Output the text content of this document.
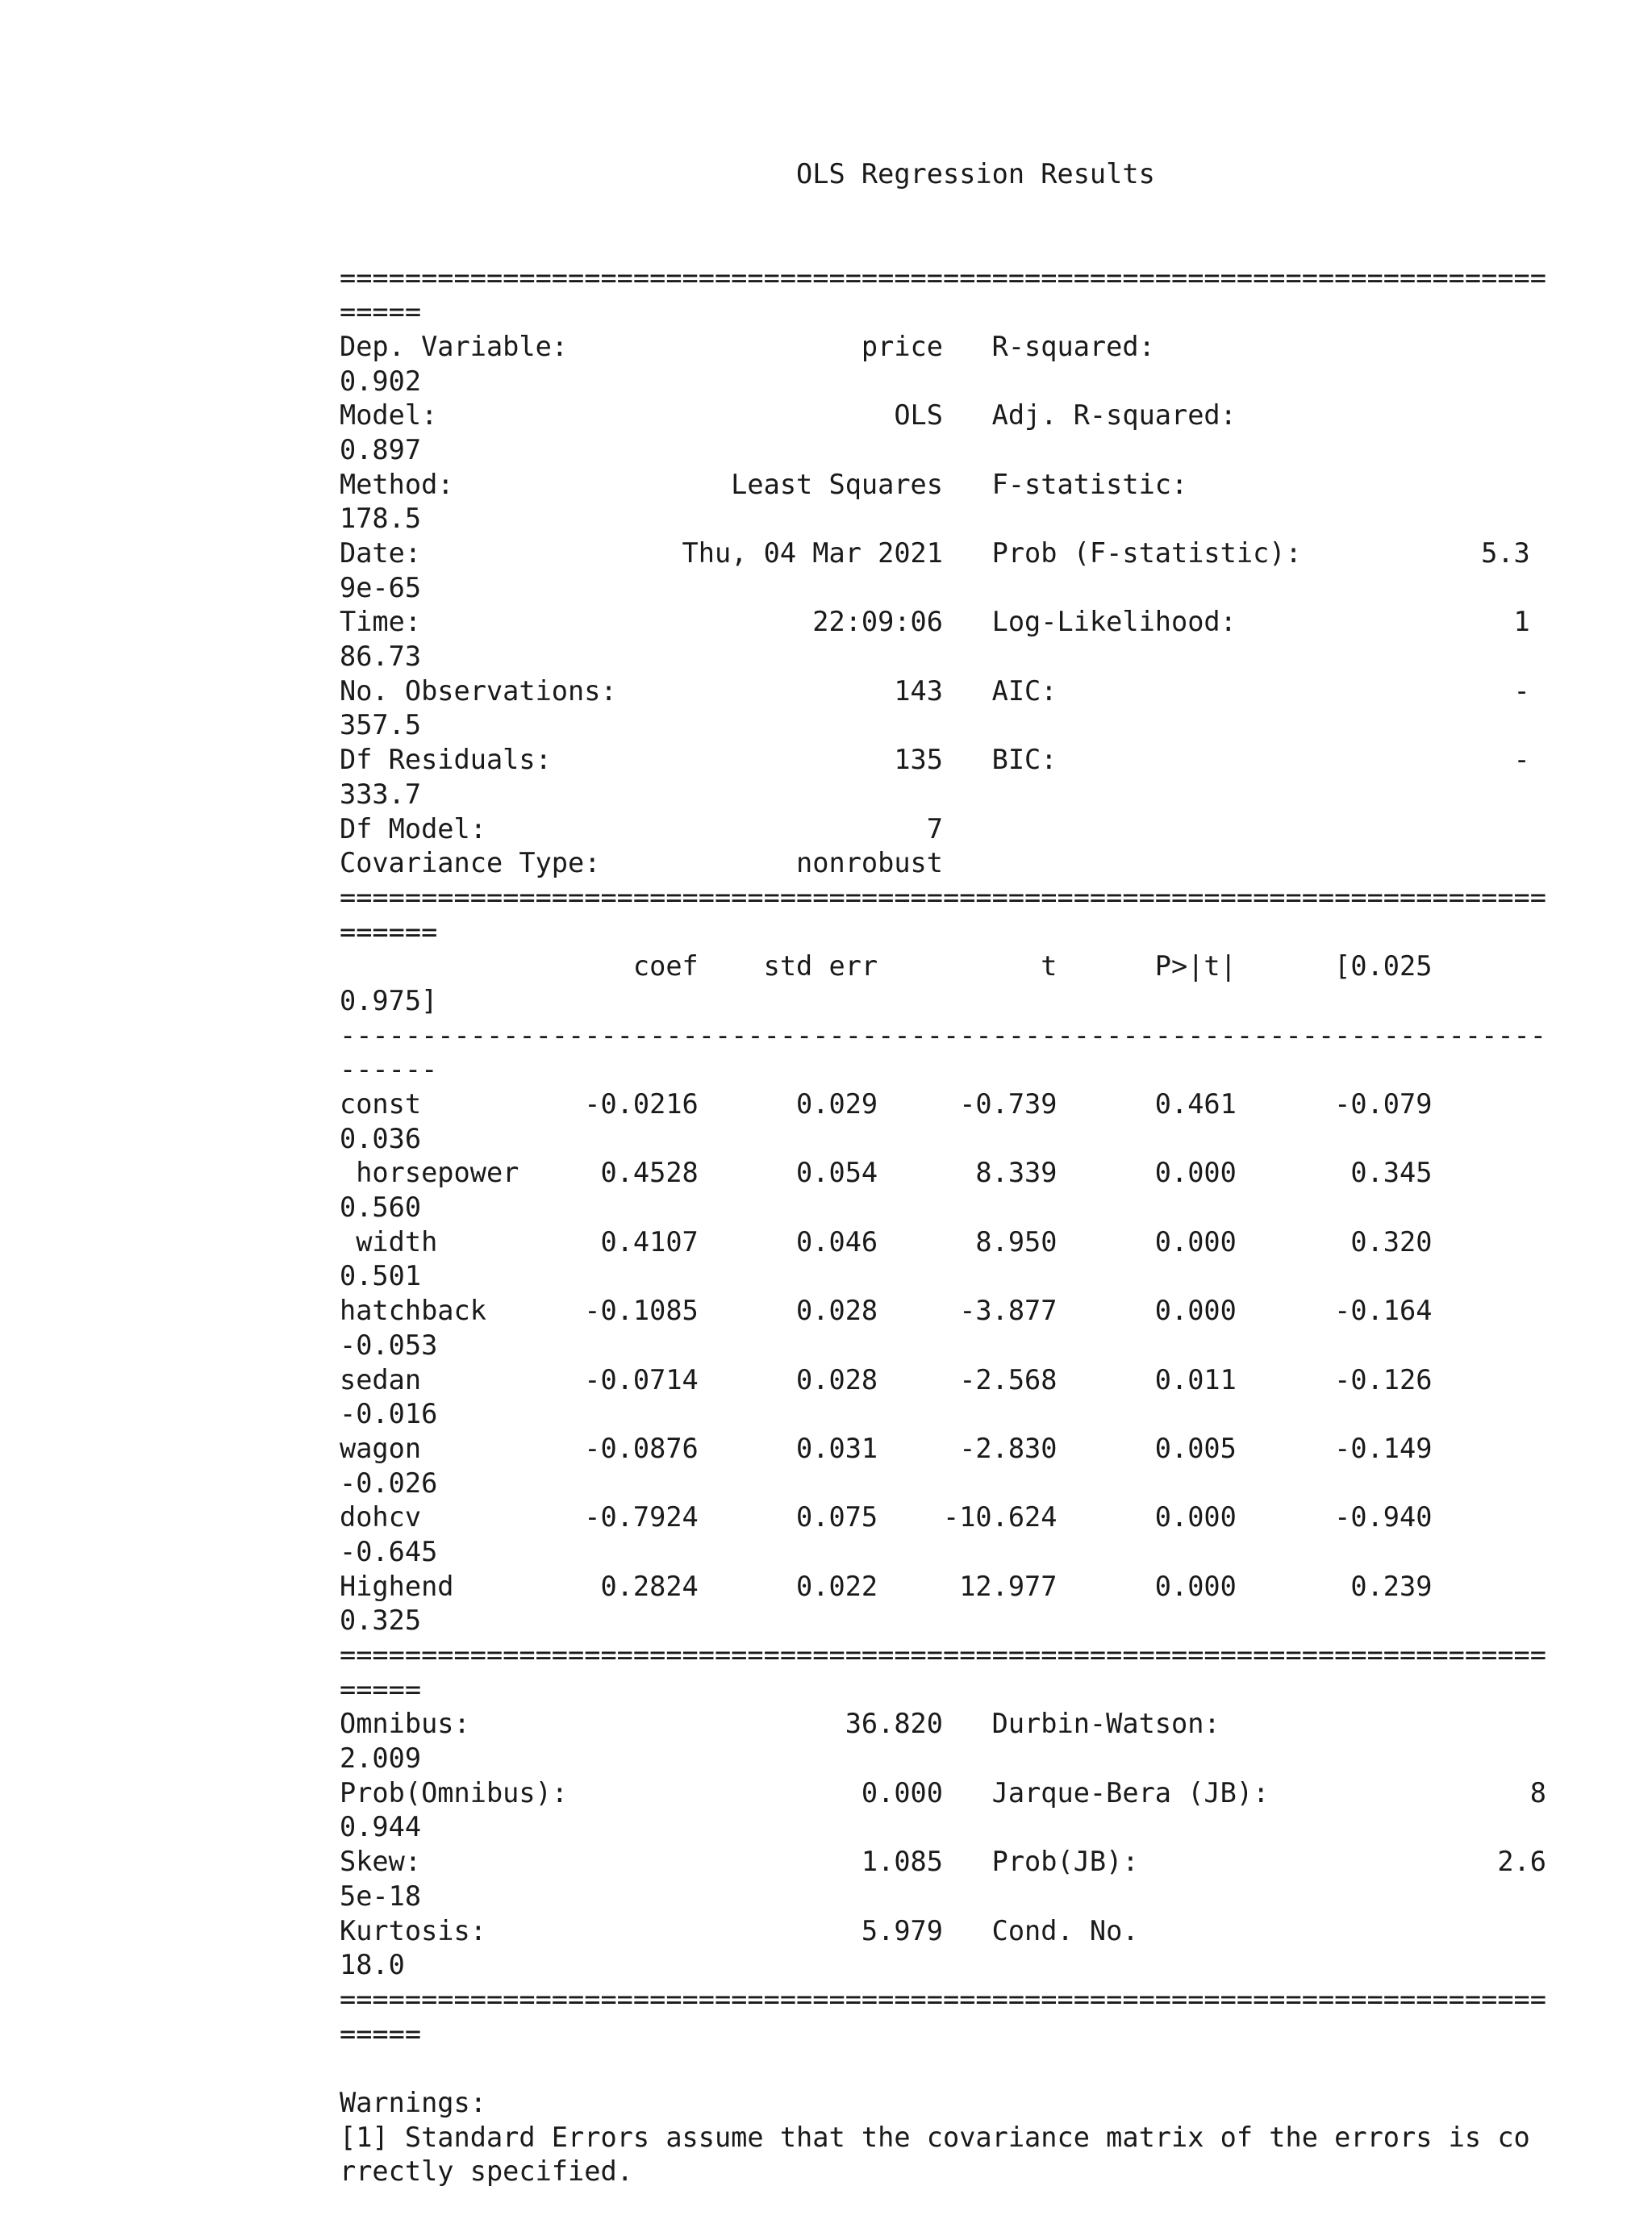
OLS Regression Results

==========================================================================
=====
Dep. Variable:                  price   R-squared:
0.902
Model:                            OLS   Adj. R-squared:
0.897
Method:                 Least Squares   F-statistic:
178.5
Date:                Thu, 04 Mar 2021   Prob (F-statistic):           5.3
9e-65
Time:                        22:09:06   Log-Likelihood:                 1
86.73
No. Observations:                 143   AIC:                            -
357.5
Df Residuals:                     135   BIC:                            -
333.7
Df Model:                           7
Covariance Type:            nonrobust
==========================================================================
======
coef    std err          t      P>|t|      [0.025
0.975]
--------------------------------------------------------------------------
------
const          -0.0216      0.029     -0.739      0.461      -0.079
0.036
horsepower     0.4528      0.054      8.339      0.000       0.345
0.560
width          0.4107      0.046      8.950      0.000       0.320
0.501
hatchback      -0.1085      0.028     -3.877      0.000      -0.164
-0.053
sedan          -0.0714      0.028     -2.568      0.011      -0.126
-0.016
wagon          -0.0876      0.031     -2.830      0.005      -0.149
-0.026
dohcv          -0.7924      0.075    -10.624      0.000      -0.940
-0.645
Highend         0.2824      0.022     12.977      0.000       0.239
0.325
==========================================================================
=====
Omnibus:                       36.820   Durbin-Watson:
2.009
Prob(Omnibus):                  0.000   Jarque-Bera (JB):                8
0.944
Skew:                           1.085   Prob(JB):                      2.6
5e-18
Kurtosis:                       5.979   Cond. No.
18.0
==========================================================================
=====

Warnings:
[1] Standard Errors assume that the covariance matrix of the errors is co
rrectly specified.
